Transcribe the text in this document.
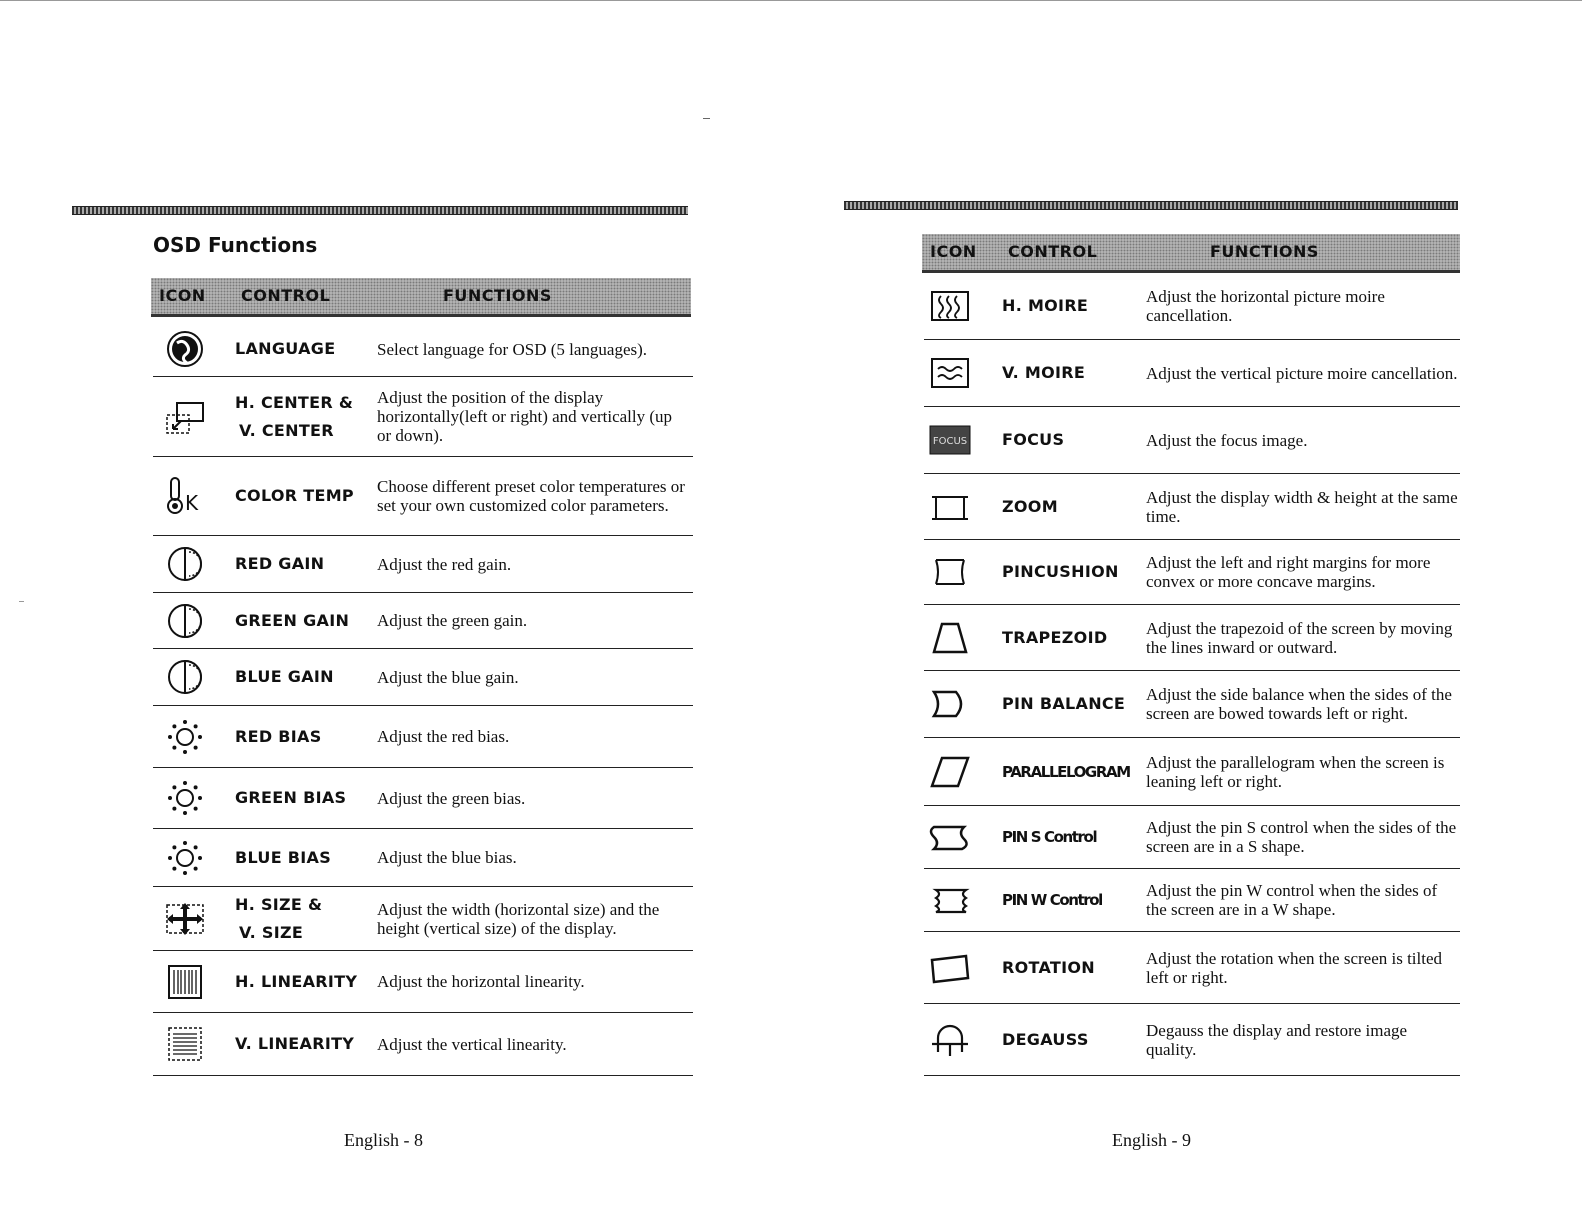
OSD Functions
ICON CONTROL	FUNCTIONS
LANGUAGE Select language for OSD (5 languages).
H. CENTER &
V. CENTER
Adjust the position of the display horizontally(left or right) and vertically (up or down).
K COLOR TEMP Choose different preset color temperatures or set your own customized color parameters.
RED GAIN	Adjust the red gain.
GREEN GAIN Adjust the green gain.
BLUE GAIN	Adjust the blue gain.
RED BIAS	Adjust the red bias.
GREEN BIAS Adjust the green bias.
BLUE BIAS	Adjust the blue bias.
H. SIZE &
V. SIZE
Adjust the width (horizontal size) and the height (vertical size) of the display.
H. LINEARITY Adjust the horizontal linearity.
V. LINEARITY Adjust the vertical linearity.
English - 8
ICON CONTROL	FUNCTIONS
H. MOIRE	Adjust the horizontal picture moire cancellation.
V. MOIRE	Adjust the vertical picture moire cancellation.
FOCUS FOCUS	Adjust the focus image.
ZOOM	Adjust the display width & height at the same time.
PINCUSHION Adjust the left and right margins for more convex or more concave margins.
TRAPEZOID Adjust the trapezoid of the screen by moving the lines inward or outward.
PIN BALANCE Adjust the side balance when the sides of the screen are bowed towards left or right.
PARALLELOGRAM Adjust the parallelogram when the screen is leaning left or right.
PIN S Control	Adjust the pin S control when the sides of the screen are in a S shape.
PIN W Control	Adjust the pin W control when the sides of the screen are in a W shape.
ROTATION	Adjust the rotation when the screen is tilted left or right.
DEGAUSS	Degauss the display and restore image quality.
English - 9
